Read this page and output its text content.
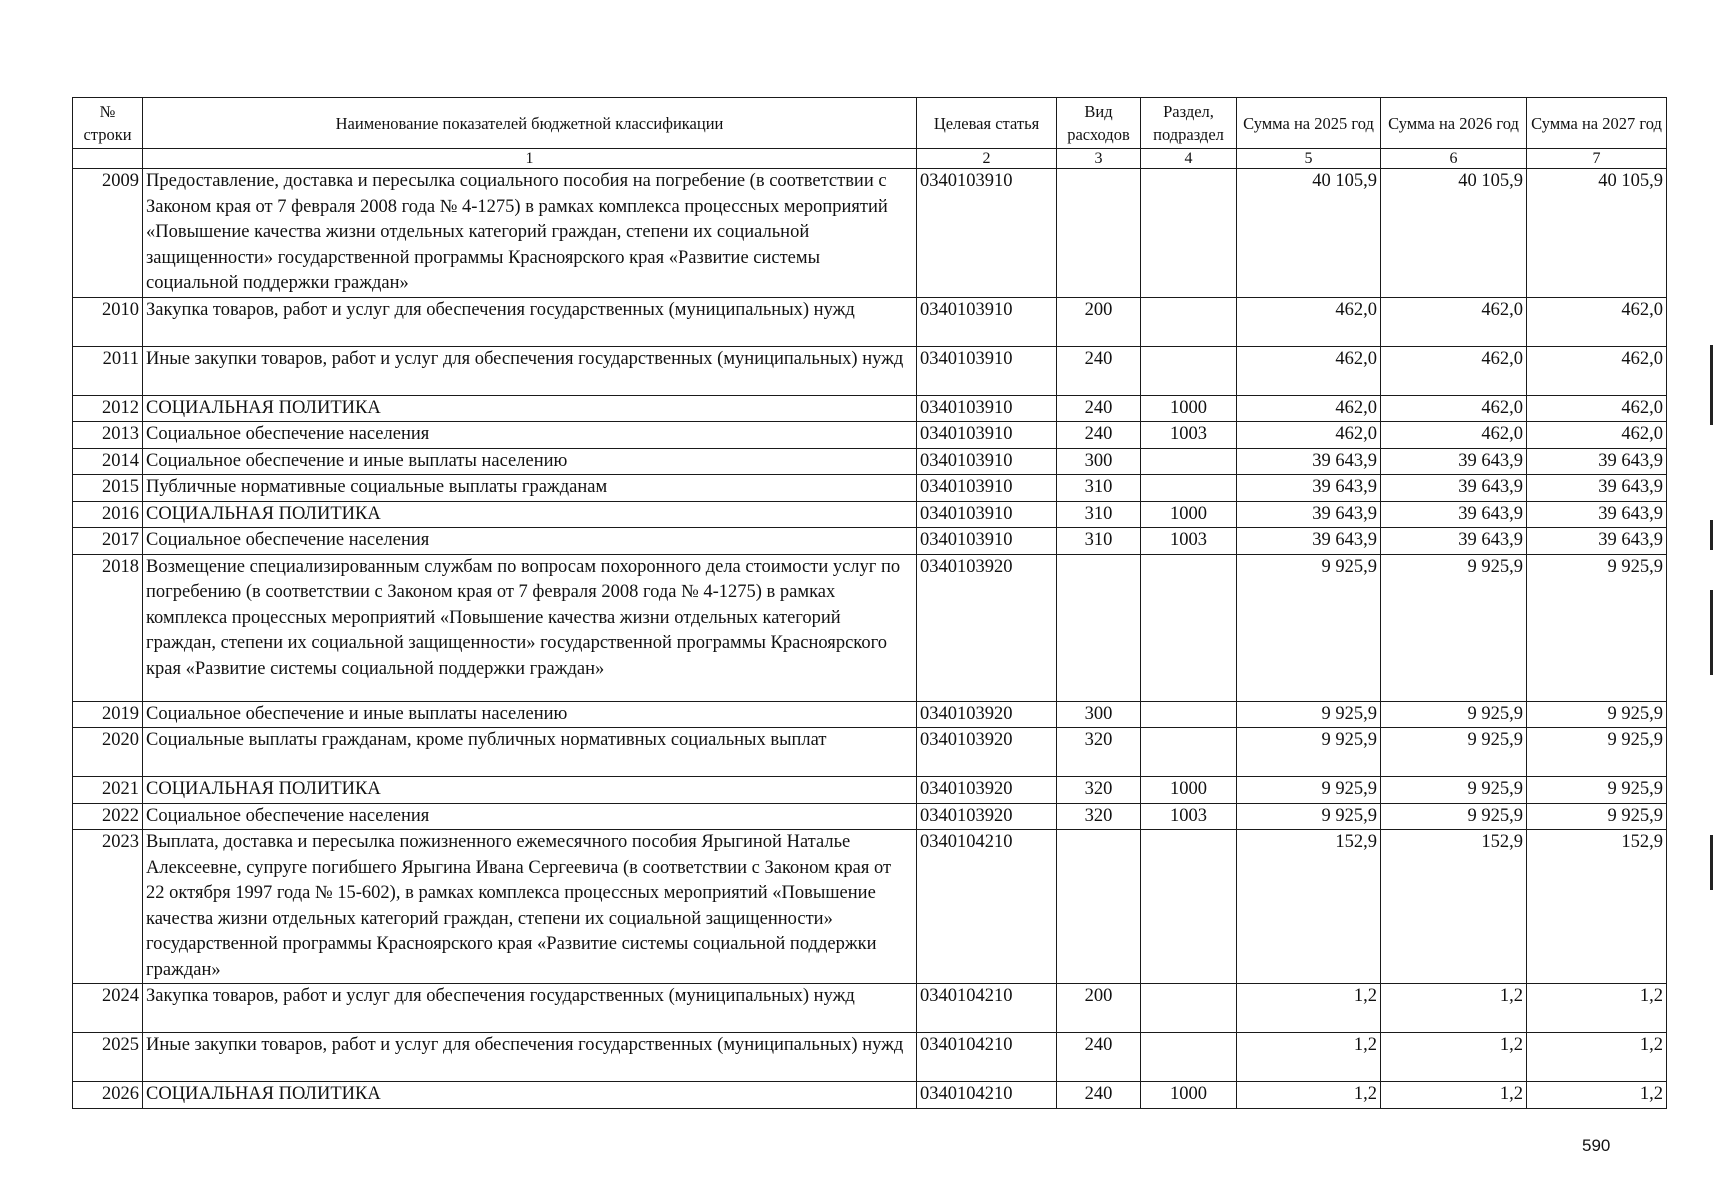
№ строки	Наименование показателей бюджетной классификации	Целевая статья	Вид расходов	Раздел, подраздел	Сумма на 2025 год	Сумма на 2026 год	Сумма на 2027 год
	1	2	3	4	5	6	7
2009	Предоставление, доставка и пересылка социального пособия на погребение (в соответствии с Законом края от 7 февраля 2008 года № 4-1275) в рамках комплекса процессных мероприятий «Повышение качества жизни отдельных категорий граждан, степени их социальной защищенности» государственной программы Красноярского края «Развитие системы социальной поддержки граждан»	0340103910			40 105,9	40 105,9	40 105,9
2010	Закупка товаров, работ и услуг для обеспечения государственных (муниципальных) нужд	0340103910	200		462,0	462,0	462,0
2011	Иные закупки товаров, работ и услуг для обеспечения государственных (муниципальных) нужд	0340103910	240		462,0	462,0	462,0
2012	СОЦИАЛЬНАЯ ПОЛИТИКА	0340103910	240	1000	462,0	462,0	462,0
2013	Социальное обеспечение населения	0340103910	240	1003	462,0	462,0	462,0
2014	Социальное обеспечение и иные выплаты населению	0340103910	300		39 643,9	39 643,9	39 643,9
2015	Публичные нормативные социальные выплаты гражданам	0340103910	310		39 643,9	39 643,9	39 643,9
2016	СОЦИАЛЬНАЯ ПОЛИТИКА	0340103910	310	1000	39 643,9	39 643,9	39 643,9
2017	Социальное обеспечение населения	0340103910	310	1003	39 643,9	39 643,9	39 643,9
2018	Возмещение специализированным службам по вопросам похоронного дела стоимости услуг по погребению (в соответствии с Законом края от 7 февраля 2008 года № 4-1275) в рамках комплекса процессных мероприятий «Повышение качества жизни отдельных категорий граждан, степени их социальной защищенности» государственной программы Красноярского края «Развитие системы социальной поддержки граждан»	0340103920			9 925,9	9 925,9	9 925,9
2019	Социальное обеспечение и иные выплаты населению	0340103920	300		9 925,9	9 925,9	9 925,9
2020	Социальные выплаты гражданам, кроме публичных нормативных социальных выплат	0340103920	320		9 925,9	9 925,9	9 925,9
2021	СОЦИАЛЬНАЯ ПОЛИТИКА	0340103920	320	1000	9 925,9	9 925,9	9 925,9
2022	Социальное обеспечение населения	0340103920	320	1003	9 925,9	9 925,9	9 925,9
2023	Выплата, доставка и пересылка пожизненного ежемесячного пособия Ярыгиной Наталье Алексеевне, супруге погибшего Ярыгина Ивана Сергеевича (в соответствии с Законом края от 22 октября 1997 года № 15-602), в рамках комплекса процессных мероприятий «Повышение качества жизни отдельных категорий граждан, степени их социальной защищенности» государственной программы Красноярского края «Развитие системы социальной поддержки граждан»	0340104210			152,9	152,9	152,9
2024	Закупка товаров, работ и услуг для обеспечения государственных (муниципальных) нужд	0340104210	200		1,2	1,2	1,2
2025	Иные закупки товаров, работ и услуг для обеспечения государственных (муниципальных) нужд	0340104210	240		1,2	1,2	1,2
2026	СОЦИАЛЬНАЯ ПОЛИТИКА	0340104210	240	1000	1,2	1,2	1,2
590
